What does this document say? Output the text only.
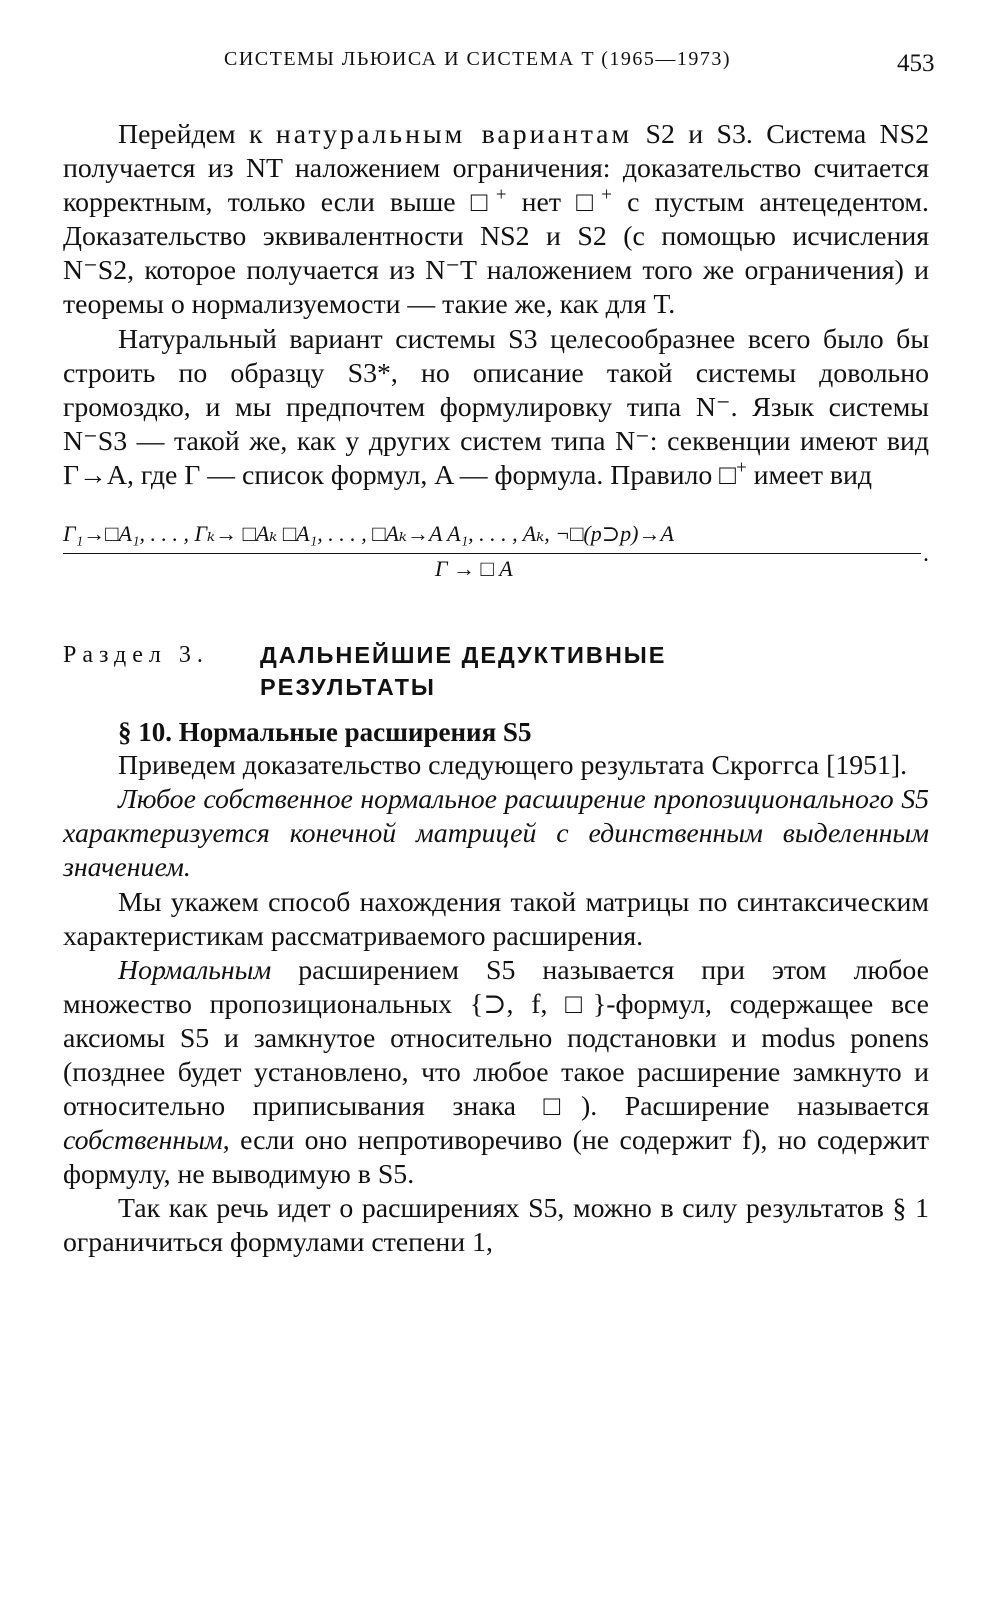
СИСТЕМЫ ЛЬЮИСА И СИСТЕМА T (1965—1973)	453

Перейдем к натуральным вариантам S2 и S3. Система NS2 получается из NT наложением ограничения: доказательство считается корректным, только если выше □+ нет □+ с пустым антецедентом. Доказательство эквивалентности NS2 и S2 (с помощью исчисления N⁻S2, которое получается из N⁻T наложением того же ограничения) и теоремы о нормализуемости — такие же, как для T.

Натуральный вариант системы S3 целесообразнее всего было бы строить по образцу S3*, но описание такой системы довольно громоздко, и мы предпочтем формулировку типа N⁻. Язык системы N⁻S3 — такой же, как у других систем типа N⁻: секвенции имеют вид Γ→A, где Γ — список формул, A — формула. Правило □+ имеет вид

Γ₁→□A₁, . . . , Γₖ→ □Aₖ □A₁, . . . , □Aₖ→A A₁, . . . , Aₖ, ¬□(p⊃p)→A
Γ → □ A
.
Раздел 3. ДАЛЬНЕЙШИЕ ДЕДУКТИВНЫЕ РЕЗУЛЬТАТЫ

§ 10. Нормальные расширения S5

Приведем доказательство следующего результата Скроггса [1951].

Любое собственное нормальное расширение пропозиционального S5 характеризуется конечной матрицей с единственным выделенным значением.

Мы укажем способ нахождения такой матрицы по синтаксическим характеристикам рассматриваемого расширения.

Нормальным расширением S5 называется при этом любое множество пропозициональных {⊃, f, □}-формул, содержащее все аксиомы S5 и замкнутое относительно подстановки и modus ponens (позднее будет установлено, что любое такое расширение замкнуто и относительно приписывания знака □). Расширение называется собственным, если оно непротиворечиво (не содержит f), но содержит формулу, не выводимую в S5.

Так как речь идет о расширениях S5, можно в силу результатов § 1 ограничиться формулами степени 1,
